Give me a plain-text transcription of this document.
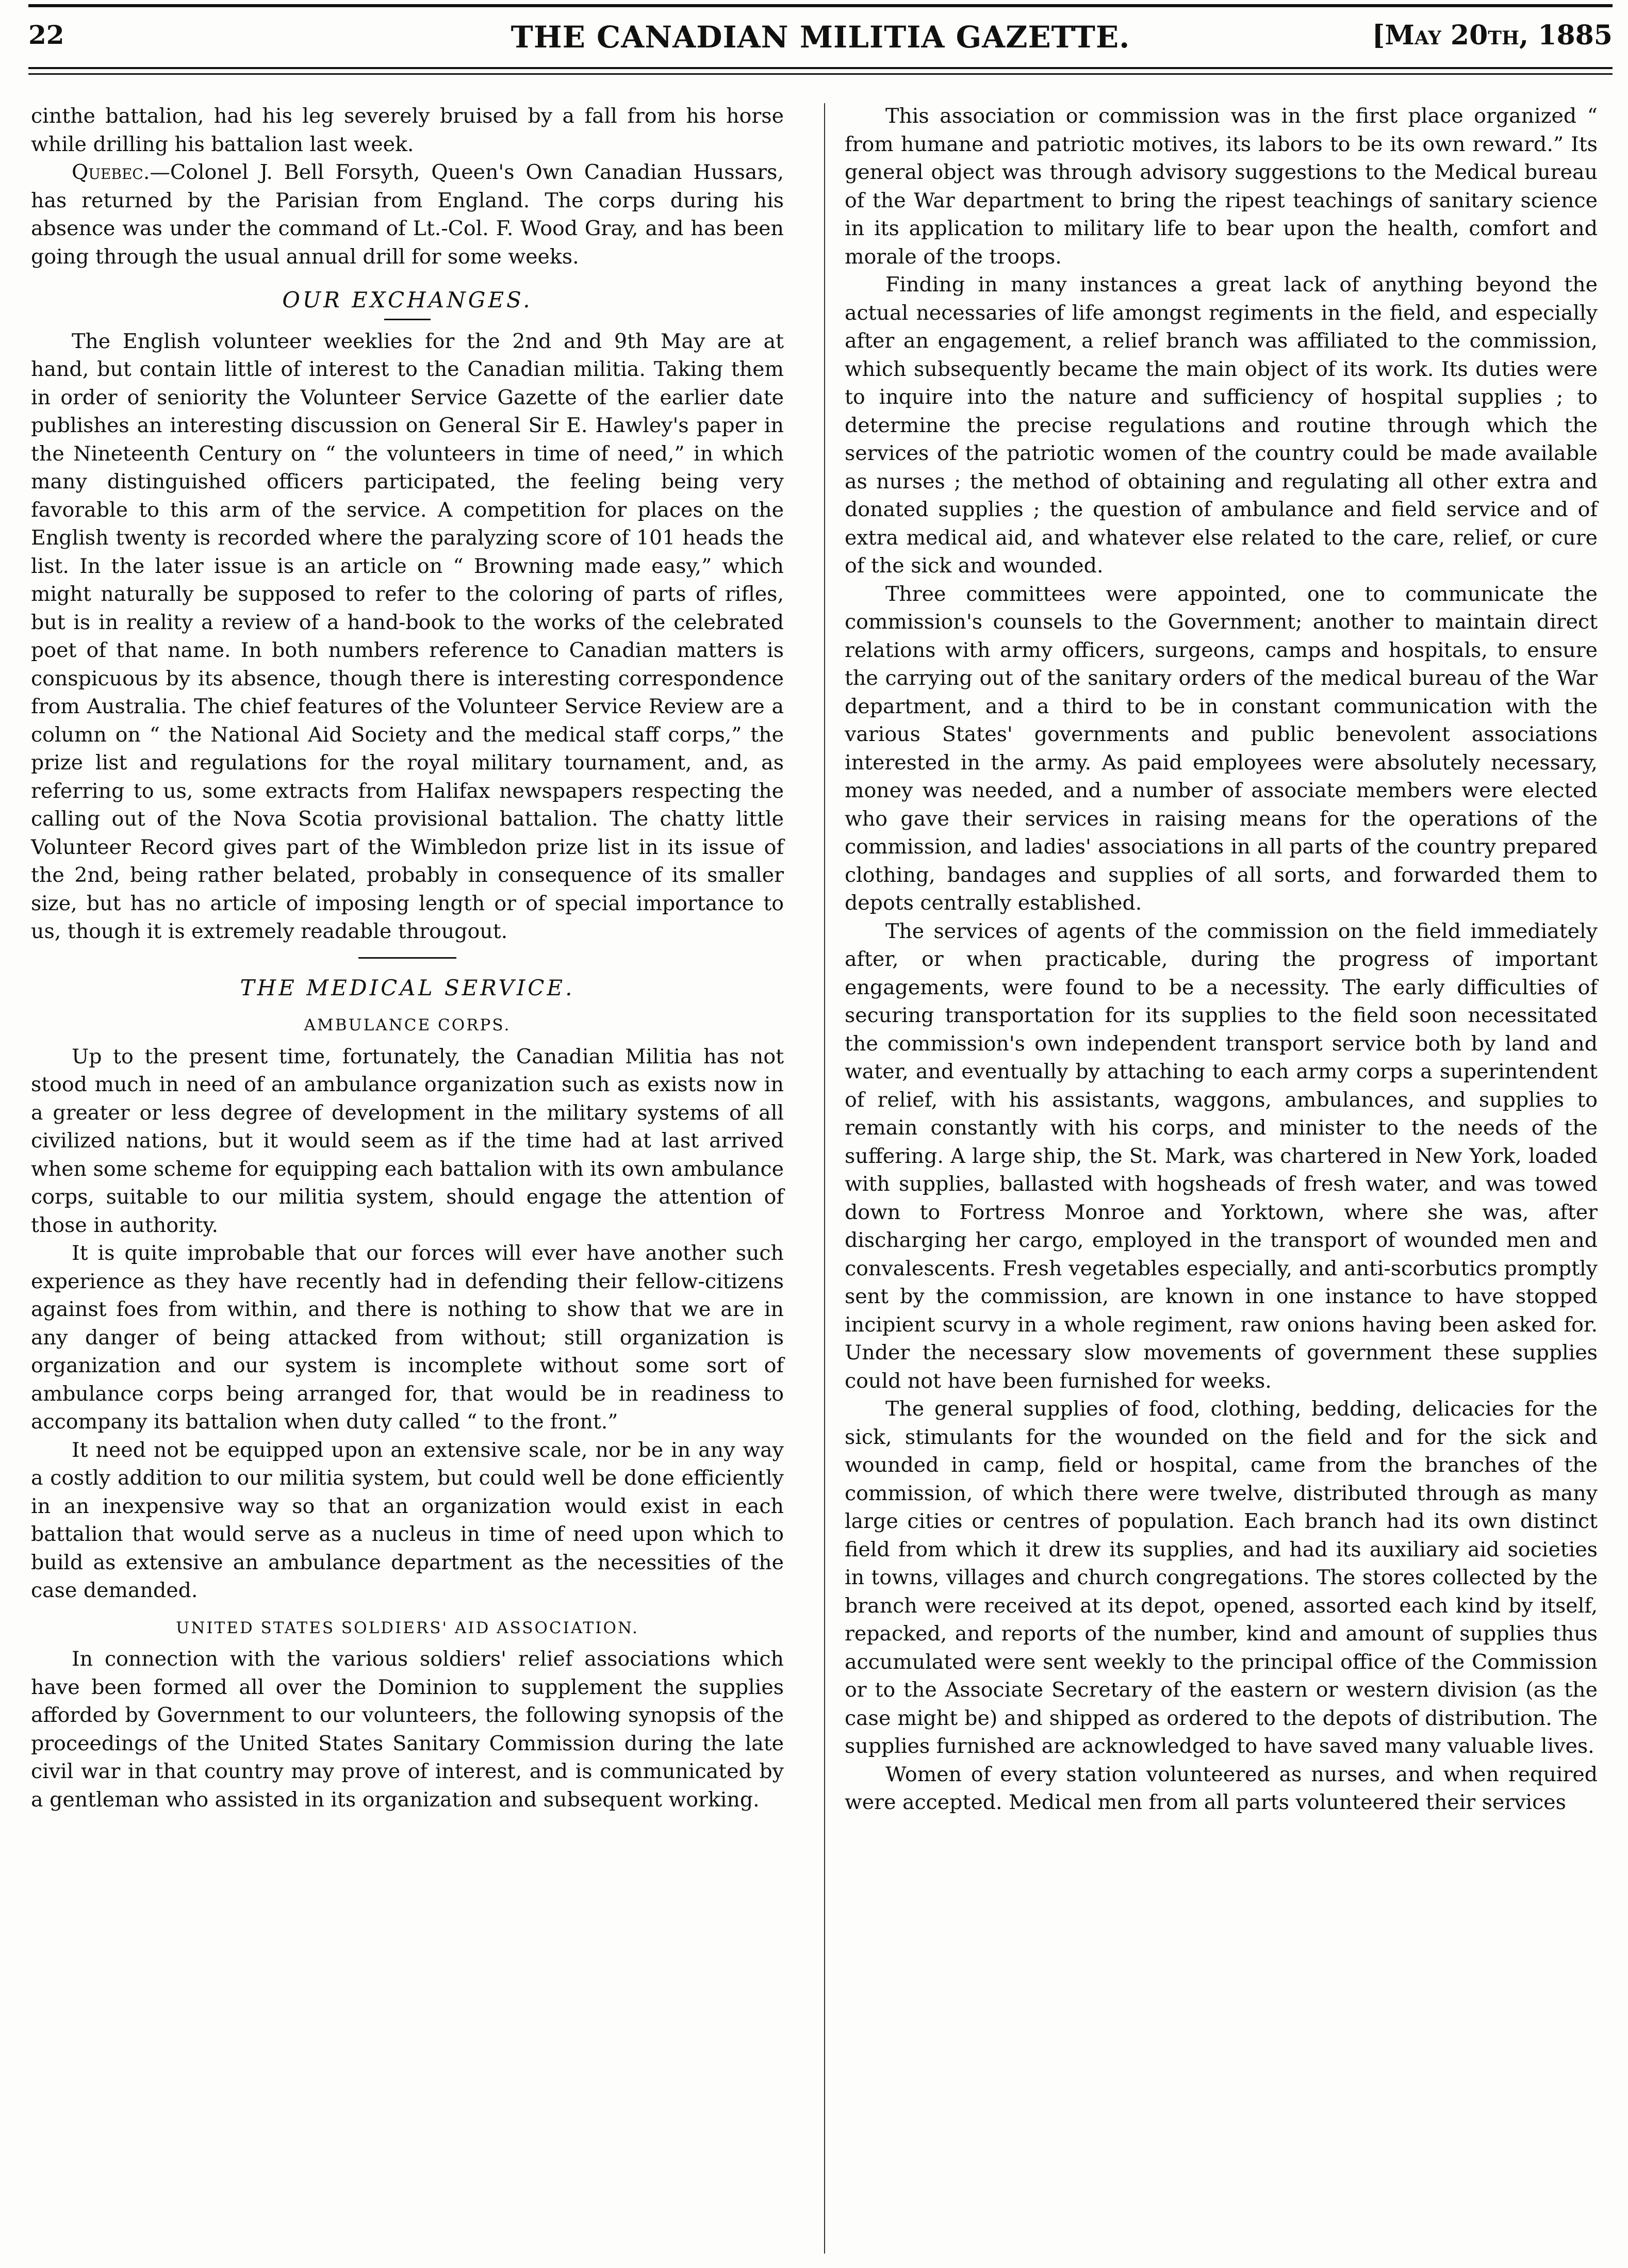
22	THE CANADIAN MILITIA GAZETTE.	[May 20th, 1885

cinthe battalion, had his leg severely bruised by a fall from his horse while drilling his battalion last week.

Quebec.—Colonel J. Bell Forsyth, Queen's Own Canadian Hussars, has returned by the Parisian from England. The corps during his absence was under the command of Lt.-Col. F. Wood Gray, and has been going through the usual annual drill for some weeks.

OUR EXCHANGES.

The English volunteer weeklies for the 2nd and 9th May are at hand, but contain little of interest to the Canadian militia. Taking them in order of seniority the Volunteer Service Gazette of the earlier date publishes an interesting discussion on General Sir E. Hawley's paper in the Nineteenth Century on “ the volunteers in time of need,” in which many distinguished officers participated, the feeling being very favorable to this arm of the service. A competition for places on the English twenty is recorded where the paralyzing score of 101 heads the list. In the later issue is an article on “ Browning made easy,” which might naturally be supposed to refer to the coloring of parts of rifles, but is in reality a review of a hand-book to the works of the celebrated poet of that name. In both numbers reference to Canadian matters is conspicuous by its absence, though there is interesting correspondence from Australia. The chief features of the Volunteer Service Review are a column on “ the National Aid Society and the medical staff corps,” the prize list and regulations for the royal military tournament, and, as referring to us, some extracts from Halifax newspapers respecting the calling out of the Nova Scotia provisional battalion. The chatty little Volunteer Record gives part of the Wimbledon prize list in its issue of the 2nd, being rather belated, probably in consequence of its smaller size, but has no article of imposing length or of special importance to us, though it is extremely readable througout.

THE MEDICAL SERVICE.
AMBULANCE CORPS.

Up to the present time, fortunately, the Canadian Militia has not stood much in need of an ambulance organization such as exists now in a greater or less degree of development in the military systems of all civilized nations, but it would seem as if the time had at last arrived when some scheme for equipping each battalion with its own ambulance corps, suitable to our militia system, should engage the attention of those in authority.

It is quite improbable that our forces will ever have another such experience as they have recently had in defending their fellow-citizens against foes from within, and there is nothing to show that we are in any danger of being attacked from without; still organization is organization and our system is incomplete without some sort of ambulance corps being arranged for, that would be in readiness to accompany its battalion when duty called “ to the front.”

It need not be equipped upon an extensive scale, nor be in any way a costly addition to our militia system, but could well be done efficiently in an inexpensive way so that an organization would exist in each battalion that would serve as a nucleus in time of need upon which to build as extensive an ambulance department as the necessities of the case demanded.

UNITED STATES SOLDIERS' AID ASSOCIATION.

In connection with the various soldiers' relief associations which have been formed all over the Dominion to supplement the supplies afforded by Government to our volunteers, the following synopsis of the proceedings of the United States Sanitary Commission during the late civil war in that country may prove of interest, and is communicated by a gentleman who assisted in its organization and subsequent working.

This association or commission was in the first place organized “ from humane and patriotic motives, its labors to be its own reward.” Its general object was through advisory suggestions to the Medical bureau of the War department to bring the ripest teachings of sanitary science in its application to military life to bear upon the health, comfort and morale of the troops.

Finding in many instances a great lack of anything beyond the actual necessaries of life amongst regiments in the field, and especially after an engagement, a relief branch was affiliated to the commission, which subsequently became the main object of its work. Its duties were to inquire into the nature and sufficiency of hospital supplies ; to determine the precise regulations and routine through which the services of the patriotic women of the country could be made available as nurses ; the method of obtaining and regulating all other extra and donated supplies ; the question of ambulance and field service and of extra medical aid, and whatever else related to the care, relief, or cure of the sick and wounded.

Three committees were appointed, one to communicate the commission's counsels to the Government; another to maintain direct relations with army officers, surgeons, camps and hospitals, to ensure the carrying out of the sanitary orders of the medical bureau of the War department, and a third to be in constant communication with the various States' governments and public benevolent associations interested in the army. As paid employees were absolutely necessary, money was needed, and a number of associate members were elected who gave their services in raising means for the operations of the commission, and ladies' associations in all parts of the country prepared clothing, bandages and supplies of all sorts, and forwarded them to depots centrally established.

The services of agents of the commission on the field immediately after, or when practicable, during the progress of important engagements, were found to be a necessity. The early difficulties of securing transportation for its supplies to the field soon necessitated the commission's own independent transport service both by land and water, and eventually by attaching to each army corps a superintendent of relief, with his assistants, waggons, ambulances, and supplies to remain constantly with his corps, and minister to the needs of the suffering. A large ship, the St. Mark, was chartered in New York, loaded with supplies, ballasted with hogsheads of fresh water, and was towed down to Fortress Monroe and Yorktown, where she was, after discharging her cargo, employed in the transport of wounded men and convalescents. Fresh vegetables especially, and anti-scorbutics promptly sent by the commission, are known in one instance to have stopped incipient scurvy in a whole regiment, raw onions having been asked for. Under the necessary slow movements of government these supplies could not have been furnished for weeks.

The general supplies of food, clothing, bedding, delicacies for the sick, stimulants for the wounded on the field and for the sick and wounded in camp, field or hospital, came from the branches of the commission, of which there were twelve, distributed through as many large cities or centres of population. Each branch had its own distinct field from which it drew its supplies, and had its auxiliary aid societies in towns, villages and church congregations. The stores collected by the branch were received at its depot, opened, assorted each kind by itself, repacked, and reports of the number, kind and amount of supplies thus accumulated were sent weekly to the principal office of the Commission or to the Associate Secretary of the eastern or western division (as the case might be) and shipped as ordered to the depots of distribution. The supplies furnished are acknowledged to have saved many valuable lives.

Women of every station volunteered as nurses, and when required were accepted. Medical men from all parts volunteered their services
